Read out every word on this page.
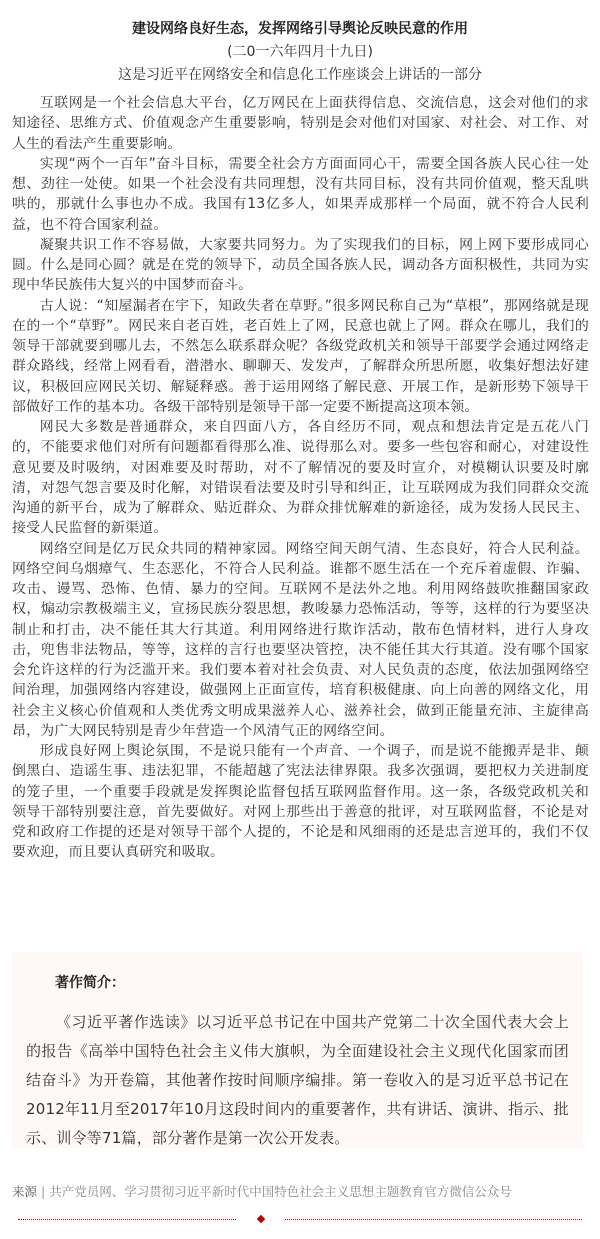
建设网络良好生态，发挥网络引导舆论反映民意的作用
(二0一六年四月十九日)
这是习近平在网络安全和信息化工作座谈会上讲话的一部分

互联网是一个社会信息大平台，亿万网民在上面获得信息、交流信息，这会对他们的求知途径、思维方式、价值观念产生重要影响，特别是会对他们对国家、对社会、对工作、对人生的看法产生重要影响。

实现“两个一百年”奋斗目标，需要全社会方方面面同心干，需要全国各族人民心往一处想、劲往一处使。如果一个社会没有共同理想，没有共同目标，没有共同价值观，整天乱哄哄的，那就什么事也办不成。我国有13亿多人，如果弄成那样一个局面，就不符合人民利益，也不符合国家利益。

凝聚共识工作不容易做，大家要共同努力。为了实现我们的目标，网上网下要形成同心圆。什么是同心圆？就是在党的领导下，动员全国各族人民，调动各方面积极性，共同为实现中华民族伟大复兴的中国梦而奋斗。

古人说：“知屋漏者在宇下，知政失者在草野。”很多网民称自己为“草根”，那网络就是现在的一个“草野”。网民来自老百姓，老百姓上了网，民意也就上了网。群众在哪儿，我们的领导干部就要到哪儿去，不然怎么联系群众呢？各级党政机关和领导干部要学会通过网络走群众路线，经常上网看看，潜潜水、聊聊天、发发声，了解群众所思所愿，收集好想法好建议，积极回应网民关切、解疑释惑。善于运用网络了解民意、开展工作，是新形势下领导干部做好工作的基本功。各级干部特别是领导干部一定要不断提高这项本领。

网民大多数是普通群众，来自四面八方，各自经历不同，观点和想法肯定是五花八门的，不能要求他们对所有问题都看得那么准、说得那么对。要多一些包容和耐心，对建设性意见要及时吸纳，对困难要及时帮助，对不了解情况的要及时宣介，对模糊认识要及时廓清，对怨气怨言要及时化解，对错误看法要及时引导和纠正，让互联网成为我们同群众交流沟通的新平台，成为了解群众、贴近群众、为群众排忧解难的新途径，成为发扬人民民主、接受人民监督的新渠道。

网络空间是亿万民众共同的精神家园。网络空间天朗气清、生态良好，符合人民利益。网络空间乌烟瘴气、生态恶化，不符合人民利益。谁都不愿生活在一个充斥着虚假、诈骗、攻击、谩骂、恐怖、色情、暴力的空间。互联网不是法外之地。利用网络鼓吹推翻国家政权，煽动宗教极端主义，宣扬民族分裂思想，教唆暴力恐怖活动，等等，这样的行为要坚决制止和打击，决不能任其大行其道。利用网络进行欺诈活动，散布色情材料，进行人身攻击，兜售非法物品，等等，这样的言行也要坚决管控，决不能任其大行其道。没有哪个国家会允许这样的行为泛滥开来。我们要本着对社会负责、对人民负责的态度，依法加强网络空间治理，加强网络内容建设，做强网上正面宣传，培育积极健康、向上向善的网络文化，用社会主义核心价值观和人类优秀文明成果滋养人心、滋养社会，做到正能量充沛、主旋律高昂，为广大网民特别是青少年营造一个风清气正的网络空间。

形成良好网上舆论氛围，不是说只能有一个声音、一个调子，而是说不能搬弄是非、颠倒黑白、造谣生事、违法犯罪，不能超越了宪法法律界限。我多次强调，要把权力关进制度的笼子里，一个重要手段就是发挥舆论监督包括互联网监督作用。这一条，各级党政机关和领导干部特别要注意，首先要做好。对网上那些出于善意的批评，对互联网监督，不论是对党和政府工作提的还是对领导干部个人提的，不论是和风细雨的还是忠言逆耳的，我们不仅要欢迎，而且要认真研究和吸取。

著作简介：

《习近平著作选读》以习近平总书记在中国共产党第二十次全国代表大会上的报告《高举中国特色社会主义伟大旗帜，为全面建设社会主义现代化国家而团结奋斗》为开卷篇，其他著作按时间顺序编排。第一卷收入的是习近平总书记在2012年11月至2017年10月这段时间内的重要著作，共有讲话、演讲、指示、批示、训令等71篇，部分著作是第一次公开发表。

来源 | 共产党员网、学习贯彻习近平新时代中国特色社会主义思想主题教育官方微信公众号
